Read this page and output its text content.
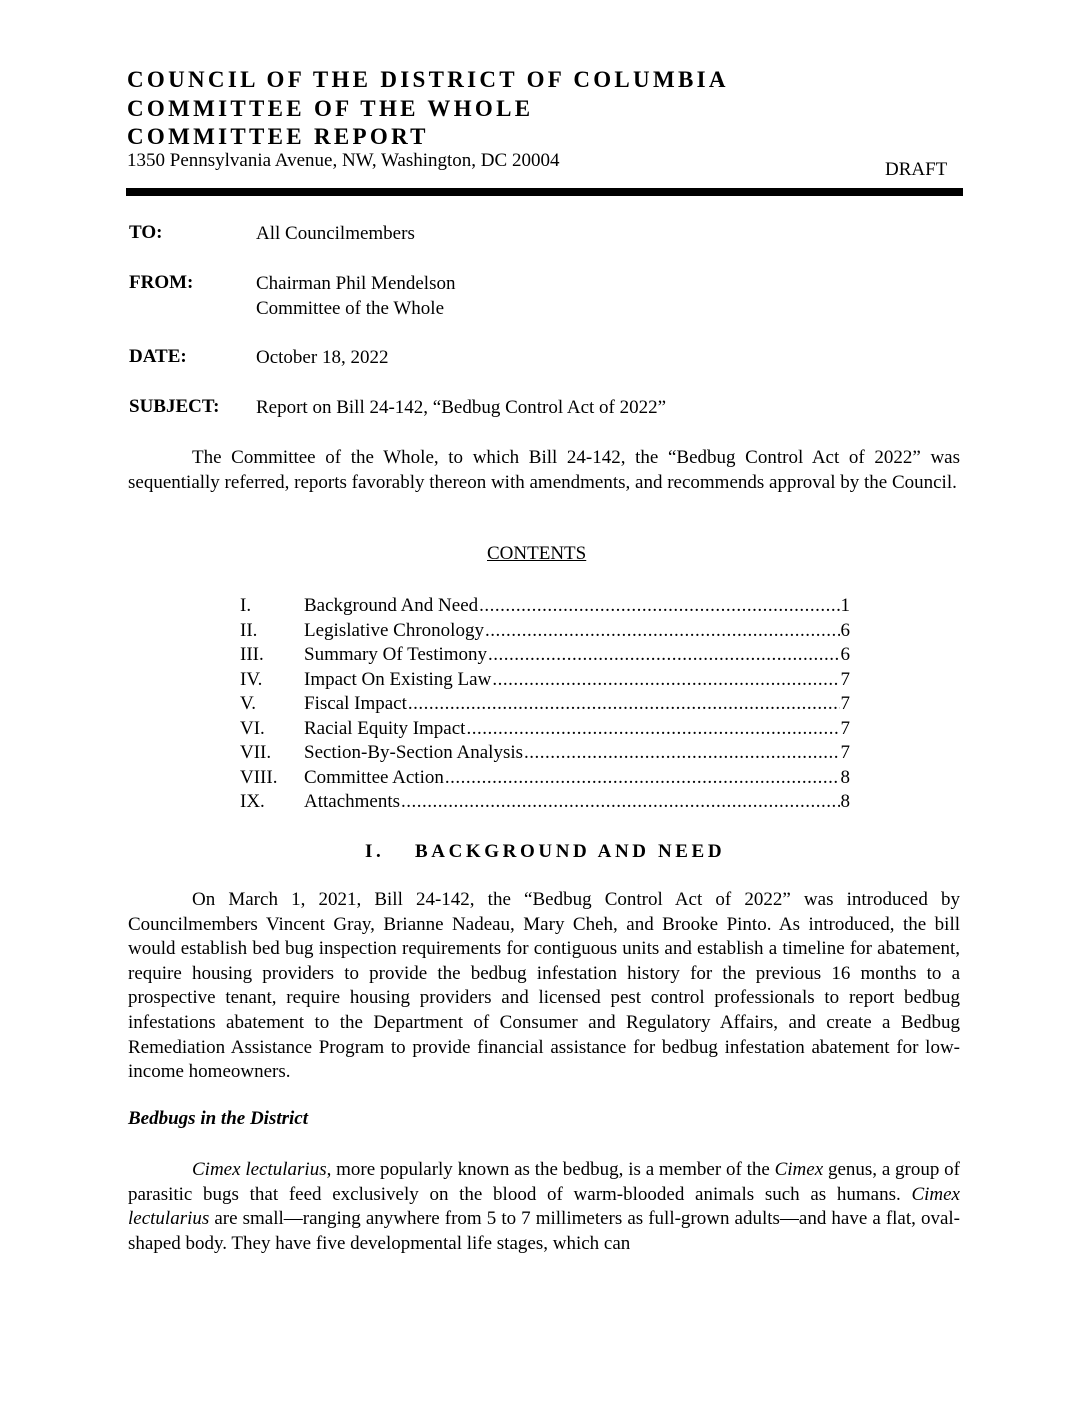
COUNCIL OF THE DISTRICT OF COLUMBIA
COMMITTEE OF THE WHOLE
COMMITTEE REPORT
1350 Pennsylvania Avenue, NW, Washington, DC 20004	DRAFT
TO:	All Councilmembers
FROM:	Chairman Phil Mendelson
Committee of the Whole
DATE:	October 18, 2022
SUBJECT: Report on Bill 24-142, “Bedbug Control Act of 2022”

The Committee of the Whole, to which Bill 24-142, the “Bedbug Control Act of 2022” was sequentially referred, reports favorably thereon with amendments, and recommends approval by the Council.

CONTENTS
I.	Background And Need .....	1
II.	Legislative Chronology .....	6
III.	Summary Of Testimony .....	6
IV.	Impact On Existing Law .....	7
V.	Fiscal Impact .....	7
VI.	Racial Equity Impact .....	7
VII.	Section-By-Section Analysis .....	7
VIII.	Committee Action .....	8
IX.	Attachments .....	8
I. BACKGROUND AND NEED

On March 1, 2021, Bill 24-142, the “Bedbug Control Act of 2022” was introduced by Councilmembers Vincent Gray, Brianne Nadeau, Mary Cheh, and Brooke Pinto. As introduced, the bill would establish bed bug inspection requirements for contiguous units and establish a timeline for abatement, require housing providers to provide the bedbug infestation history for the previous 16 months to a prospective tenant, require housing providers and licensed pest control professionals to report bedbug infestations abatement to the Department of Consumer and Regulatory Affairs, and create a Bedbug Remediation Assistance Program to provide financial assistance for bedbug infestation abatement for low-income homeowners.

Bedbugs in the District

Cimex lectularius, more popularly known as the bedbug, is a member of the Cimex genus, a group of parasitic bugs that feed exclusively on the blood of warm-blooded animals such as humans. Cimex lectularius are small—ranging anywhere from 5 to 7 millimeters as full-grown adults—and have a flat, oval-shaped body. They have five developmental life stages, which can
